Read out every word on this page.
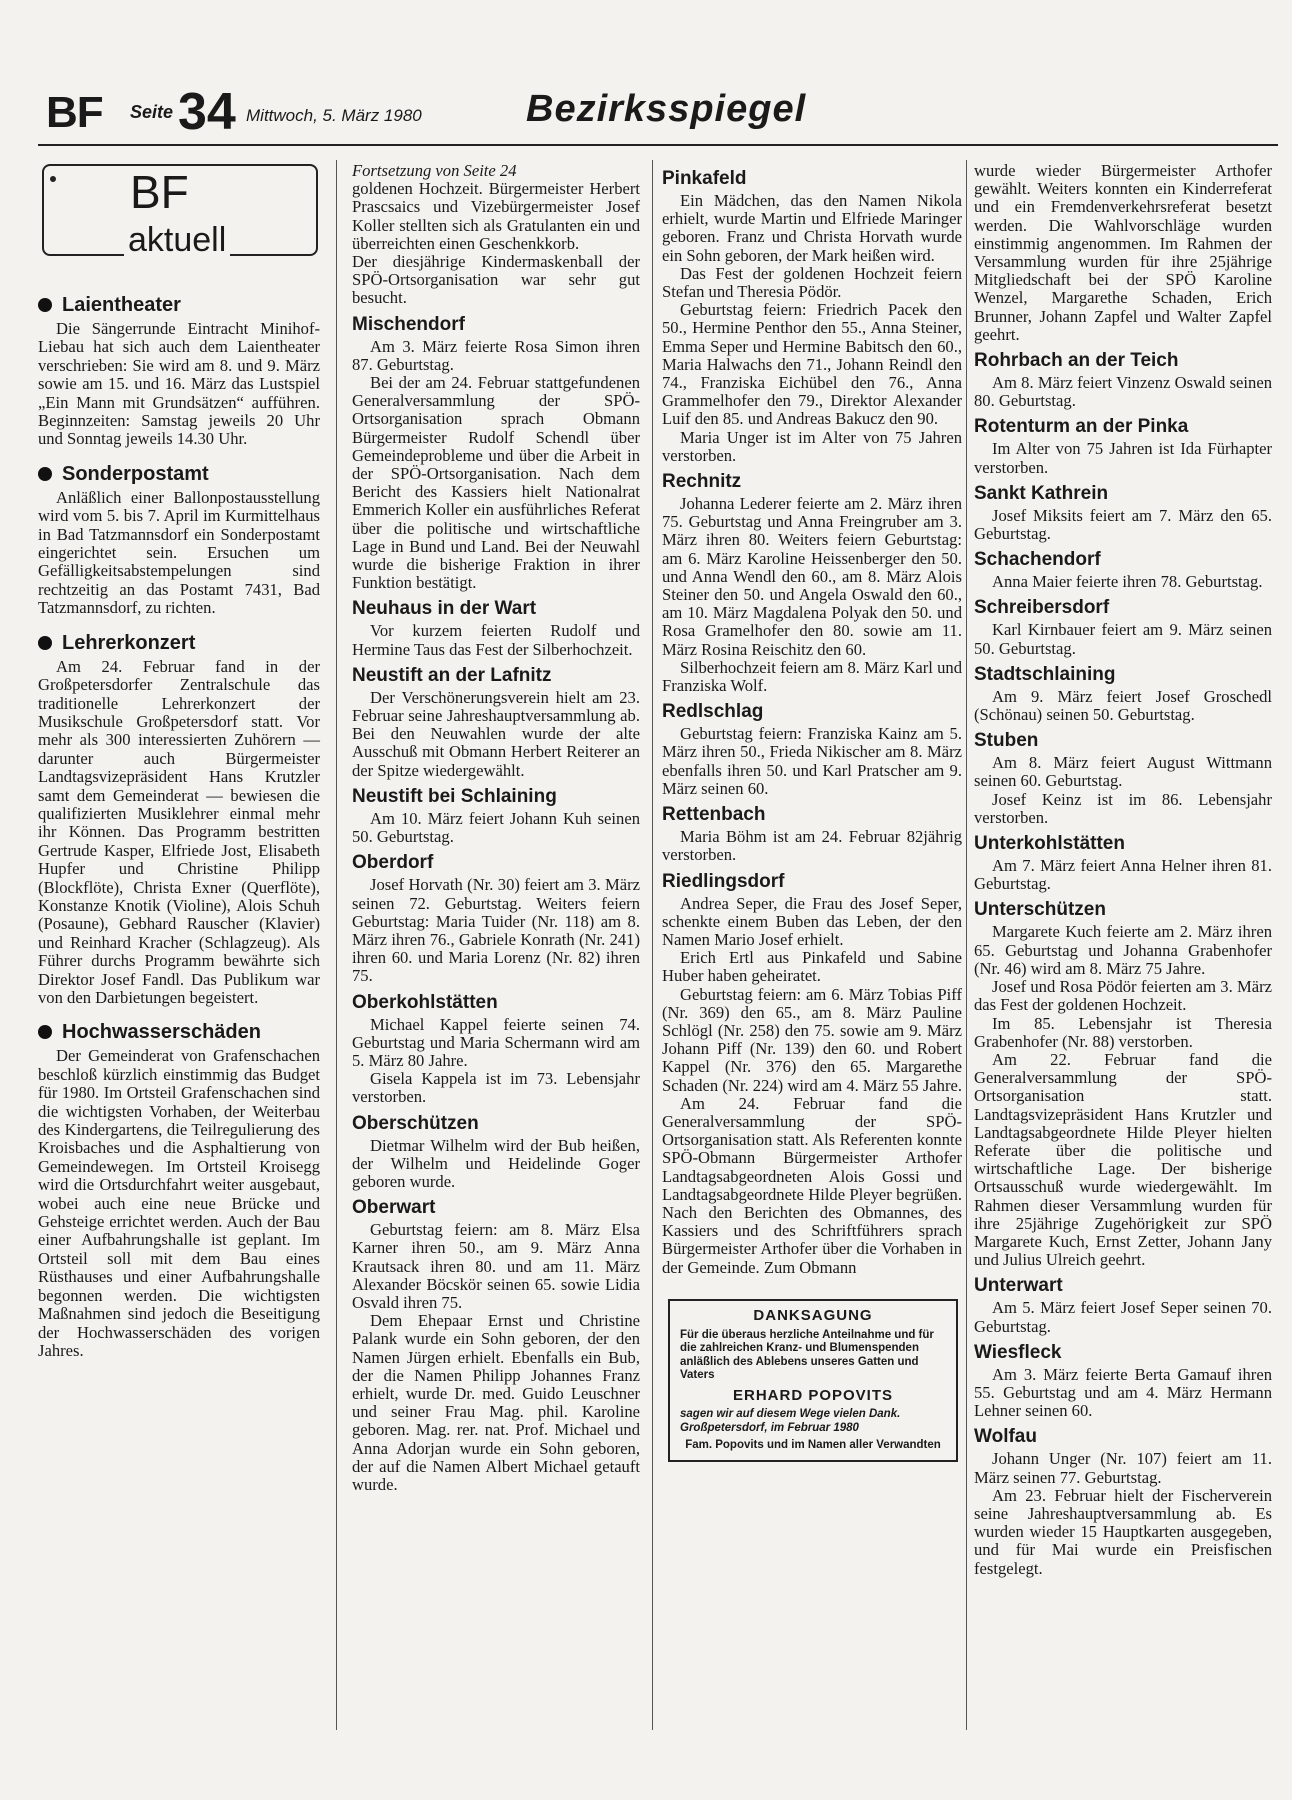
BF Seite 34 Mittwoch, 5. März 1980	Bezirksspiegel
BF
aktuell
Laientheater

Die Sängerrunde Eintracht Minihof-Liebau hat sich auch dem Laientheater verschrieben: Sie wird am 8. und 9. März sowie am 15. und 16. März das Lustspiel „Ein Mann mit Grundsätzen“ aufführen. Beginnzeiten: Samstag jeweils 20 Uhr und Sonntag jeweils 14.30 Uhr.

Sonderpostamt

Anläßlich einer Ballonpostausstellung wird vom 5. bis 7. April im Kurmittelhaus in Bad Tatzmannsdorf ein Sonderpostamt eingerichtet sein. Ersuchen um Gefälligkeitsabstempelungen sind rechtzeitig an das Postamt 7431, Bad Tatzmannsdorf, zu richten.

Lehrerkonzert

Am 24. Februar fand in der Großpetersdorfer Zentralschule das traditionelle Lehrerkonzert der Musikschule Großpetersdorf statt. Vor mehr als 300 interessierten Zuhörern — darunter auch Bürgermeister Landtagsvizepräsident Hans Krutzler samt dem Gemeinderat — bewiesen die qualifizierten Musiklehrer einmal mehr ihr Können. Das Programm bestritten Gertrude Kasper, Elfriede Jost, Elisabeth Hupfer und Christine Philipp (Blockflöte), Christa Exner (Querflöte), Konstanze Knotik (Violine), Alois Schuh (Posaune), Gebhard Rauscher (Klavier) und Reinhard Kracher (Schlagzeug). Als Führer durchs Programm bewährte sich Direktor Josef Fandl. Das Publikum war von den Darbietungen begeistert.

Hochwasserschäden

Der Gemeinderat von Grafenschachen beschloß kürzlich einstimmig das Budget für 1980. Im Ortsteil Grafenschachen sind die wichtigsten Vorhaben, der Weiterbau des Kindergartens, die Teilregulierung des Kroisbaches und die Asphaltierung von Gemeindewegen. Im Ortsteil Kroisegg wird die Ortsdurchfahrt weiter ausgebaut, wobei auch eine neue Brücke und Gehsteige errichtet werden. Auch der Bau einer Aufbahrungshalle ist geplant. Im Ortsteil soll mit dem Bau eines Rüsthauses und einer Aufbahrungshalle begonnen werden. Die wichtigsten Maßnahmen sind jedoch die Beseitigung der Hochwasserschäden des vorigen Jahres.

Fortsetzung von Seite 24

goldenen Hochzeit. Bürgermeister Herbert Prascsaics und Vizebürgermeister Josef Koller stellten sich als Gratulanten ein und überreichten einen Geschenkkorb.

Der diesjährige Kindermaskenball der SPÖ-Ortsorganisation war sehr gut besucht.

Mischendorf

Am 3. März feierte Rosa Simon ihren 87. Geburtstag.

Bei der am 24. Februar stattgefundenen Generalversammlung der SPÖ-Ortsorganisation sprach Obmann Bürgermeister Rudolf Schendl über Gemeindeprobleme und über die Arbeit in der SPÖ-Ortsorganisation. Nach dem Bericht des Kassiers hielt Nationalrat Emmerich Kolleг ein ausführliches Referat über die politische und wirtschaftliche Lage in Bund und Land. Bei der Neuwahl wurde die bisherige Fraktion in ihrer Funktion bestätigt.

Neuhaus in der Wart

Vor kurzem feierten Rudolf und Hermine Taus das Fest der Silberhochzeit.

Neustift an der Lafnitz

Der Verschönerungsverein hielt am 23. Februar seine Jahreshauptversammlung ab. Bei den Neuwahlen wurde der alte Ausschuß mit Obmann Herbert Reiterer an der Spitze wiedergewählt.

Neustift bei Schlaining

Am 10. März feiert Johann Kuh seinen 50. Geburtstag.

Oberdorf

Josef Horvath (Nr. 30) feiert am 3. März seinen 72. Geburtstag. Weiters feiern Geburtstag: Maria Tuider (Nr. 118) am 8. März ihren 76., Gabriele Konrath (Nr. 241) ihren 60. und Maria Lorenz (Nr. 82) ihren 75.

Oberkohlstätten

Michael Kappel feierte seinen 74. Geburtstag und Maria Schermann wird am 5. März 80 Jahre.

Gisela Kappela ist im 73. Lebensjahr verstorben.

Oberschützen

Dietmar Wilhelm wird der Bub heißen, der Wilhelm und Heidelinde Goger geboren wurde.

Oberwart

Geburtstag feiern: am 8. März Elsa Karner ihren 50., am 9. März Anna Krautsack ihren 80. und am 11. März Alexander Böcskör seinen 65. sowie Lidia Osvald ihren 75.

Dem Ehepaar Ernst und Christine Palank wurde ein Sohn geboren, der den Namen Jürgen erhielt. Ebenfalls ein Bub, der die Namen Philipp Johannes Franz erhielt, wurde Dr. med. Guido Leuschner und seiner Frau Mag. phil. Karoline geboren. Mag. rer. nat. Prof. Michael und Anna Adorjan wurde ein Sohn geboren, der auf die Namen Albert Michael getauft wurde.

Pinkafeld

Ein Mädchen, das den Namen Nikola erhielt, wurde Martin und Elfriede Maringer geboren. Franz und Christa Horvath wurde ein Sohn geboren, der Mark heißen wird.

Das Fest der goldenen Hochzeit feiern Stefan und Theresia Pödör.

Geburtstag feiern: Friedrich Pacek den 50., Hermine Penthor den 55., Anna Steiner, Emma Seper und Hermine Babitsch den 60., Maria Halwachs den 71., Johann Reindl den 74., Franziska Eichübel den 76., Anna Grammelhofer den 79., Direktor Alexander Luif den 85. und Andreas Bakucz den 90.

Maria Unger ist im Alter von 75 Jahren verstorben.

Rechnitz

Johanna Lederer feierte am 2. März ihren 75. Geburtstag und Anna Freingruber am 3. März ihren 80. Weiters feiern Geburtstag: am 6. März Karoline Heissenberger den 50. und Anna Wendl den 60., am 8. März Alois Steiner den 50. und Angela Oswald den 60., am 10. März Magdalena Polyak den 50. und Rosa Gramelhofer den 80. sowie am 11. März Rosina Reischitz den 60.

Silberhochzeit feiern am 8. März Karl und Franziska Wolf.

Redlschlag

Geburtstag feiern: Franziska Kainz am 5. März ihren 50., Frieda Nikischer am 8. März ebenfalls ihren 50. und Karl Pratscher am 9. März seinen 60.

Rettenbach

Maria Böhm ist am 24. Februar 82jährig verstorben.

Riedlingsdorf

Andrea Seper, die Frau des Josef Seper, schenkte einem Buben das Leben, der den Namen Mario Josef erhielt.

Erich Ertl aus Pinkafeld und Sabine Huber haben geheiratet.

Geburtstag feiern: am 6. März Tobias Piff (Nr. 369) den 65., am 8. März Pauline Schlögl (Nr. 258) den 75. sowie am 9. März Johann Piff (Nr. 139) den 60. und Robert Kappel (Nr. 376) den 65. Margarethe Schaden (Nr. 224) wird am 4. März 55 Jahre.

Am 24. Februar fand die Generalversammlung der SPÖ-Ortsorganisation statt. Als Referenten konnte SPÖ-Obmann Bürgermeister Arthofer Landtagsabgeordneten Alois Gossi und Landtagsabgeordnete Hilde Pleyer begrüßen. Nach den Berichten des Obmannes, des Kassiers und des Schriftführers sprach Bürgermeister Arthofer über die Vorhaben in der Gemeinde. Zum Obmann

DANKSAGUNG
Für die überaus herzliche Anteilnahme und für die zahlreichen Kranz- und Blumenspenden anläßlich des Ablebens unseres Gatten und Vaters
ERHARD POPOVITS
sagen wir auf diesem Wege vielen Dank. Großpetersdorf, im Februar 1980
Fam. Popovits und im Namen aller Verwandten

wurde wieder Bürgermeister Arthofer gewählt. Weiters konnten ein Kinderreferat und ein Fremdenverkehrsreferat besetzt werden. Die Wahlvorschläge wurden einstimmig angenommen. Im Rahmen der Versammlung wurden für ihre 25jährige Mitgliedschaft bei der SPÖ Karoline Wenzel, Margarethe Schaden, Erich Brunner, Johann Zapfel und Walter Zapfel geehrt.

Rohrbach an der Teich

Am 8. März feiert Vinzenz Oswald seinen 80. Geburtstag.

Rotenturm an der Pinka

Im Alter von 75 Jahren ist Ida Fürhapter verstorben.

Sankt Kathrein

Josef Miksits feiert am 7. März den 65. Geburtstag.

Schachendorf

Anna Maier feierte ihren 78. Geburtstag.

Schreibersdorf

Karl Kirnbauer feiert am 9. März seinen 50. Geburtstag.

Stadtschlaining

Am 9. März feiert Josef Groschedl (Schönau) seinen 50. Geburtstag.

Stuben

Am 8. März feiert August Wittmann seinen 60. Geburtstag.

Josef Keinz ist im 86. Lebensjahr verstorben.

Unterkohlstätten

Am 7. März feiert Anna Helner ihren 81. Geburtstag.

Unterschützen

Margarete Kuch feierte am 2. März ihren 65. Geburtstag und Johanna Grabenhofer (Nr. 46) wird am 8. März 75 Jahre.

Josef und Rosa Pödör feierten am 3. März das Fest der goldenen Hochzeit.

Im 85. Lebensjahr ist Theresia Grabenhofer (Nr. 88) verstorben.

Am 22. Februar fand die Generalversammlung der SPÖ-Ortsorganisation statt. Landtagsvizepräsident Hans Krutzler und Landtagsabgeordnete Hilde Pleyer hielten Referate über die politische und wirtschaftliche Lage. Der bisherige Ortsausschuß wurde wiedergewählt. Im Rahmen dieser Versammlung wurden für ihre 25jährige Zugehörigkeit zur SPÖ Margarete Kuch, Ernst Zetter, Johann Jany und Julius Ulreich geehrt.

Unterwart

Am 5. März feiert Josef Seper seinen 70. Geburtstag.

Wiesfleck

Am 3. März feierte Berta Gamauf ihren 55. Geburtstag und am 4. März Hermann Lehner seinen 60.

Wolfau

Johann Unger (Nr. 107) feiert am 11. März seinen 77. Geburtstag.

Am 23. Februar hielt der Fischerverein seine Jahreshauptversammlung ab. Es wurden wieder 15 Hauptkarten ausgegeben, und für Mai wurde ein Preisfischen festgelegt.
